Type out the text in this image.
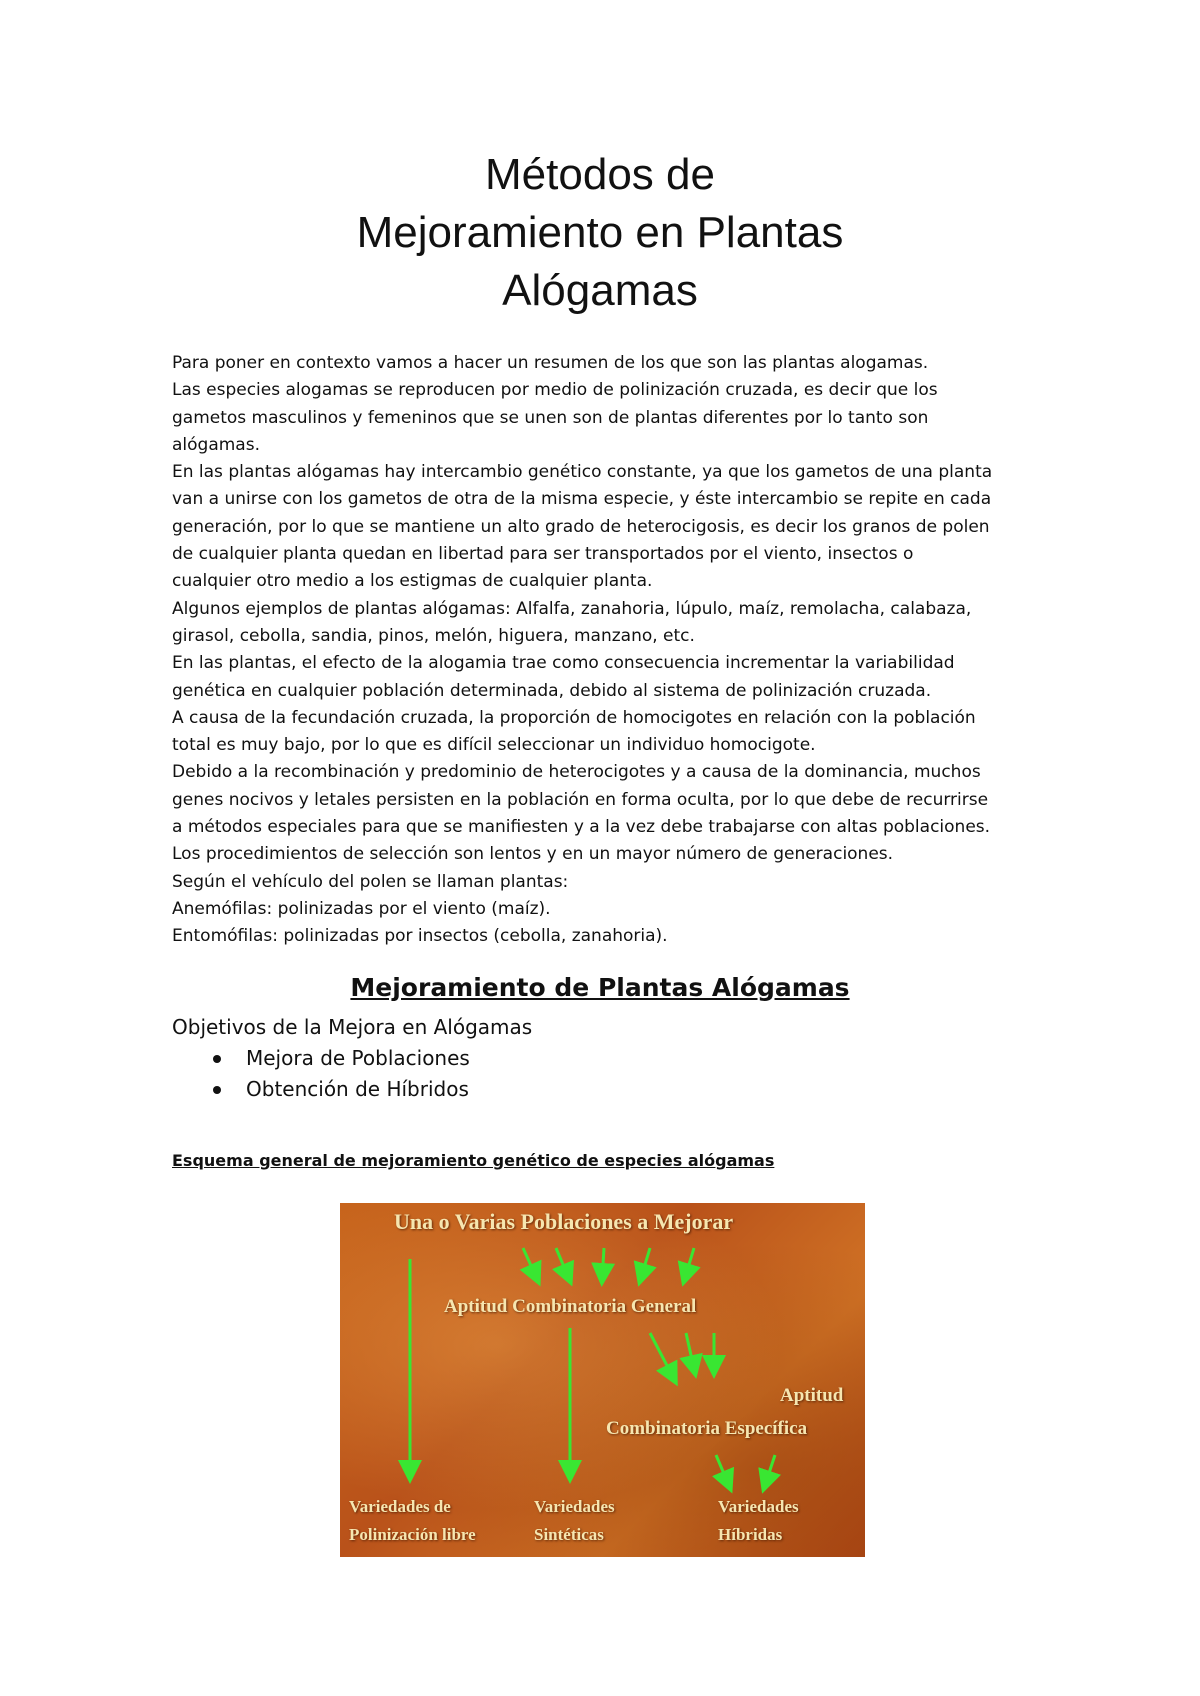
Métodos de
Mejoramiento en Plantas
Alógamas

Para poner en contexto vamos a hacer un resumen de los que son las plantas alogamas.

Las especies alogamas se reproducen por medio de polinización cruzada, es decir que los

gametos masculinos y femeninos que se unen son de plantas diferentes por lo tanto son

alógamas.

En las plantas alógamas hay intercambio genético constante, ya que los gametos de una planta

van a unirse con los gametos de otra de la misma especie, y éste intercambio se repite en cada

generación, por lo que se mantiene un alto grado de heterocigosis, es decir los granos de polen

de cualquier planta quedan en libertad para ser transportados por el viento, insectos o

cualquier otro medio a los estigmas de cualquier planta.

Algunos ejemplos de plantas alógamas: Alfalfa, zanahoria, lúpulo, maíz, remolacha, calabaza,

girasol, cebolla, sandia, pinos, melón, higuera, manzano, etc.

En las plantas, el efecto de la alogamia trae como consecuencia incrementar la variabilidad

genética en cualquier población determinada, debido al sistema de polinización cruzada.

A causa de la fecundación cruzada, la proporción de homocigotes en relación con la población

total es muy bajo, por lo que es difícil seleccionar un individuo homocigote.

Debido a la recombinación y predominio de heterocigotes y a causa de la dominancia, muchos

genes nocivos y letales persisten en la población en forma oculta, por lo que debe de recurrirse

a métodos especiales para que se manifiesten y a la vez debe trabajarse con altas poblaciones.

Los procedimientos de selección son lentos y en un mayor número de generaciones.

Según el vehículo del polen se llaman plantas:

Anemófilas: polinizadas por el viento (maíz).

Entomófilas: polinizadas por insectos (cebolla, zanahoria).

Mejoramiento de Plantas Alógamas
Objetivos de la Mejora en Alógamas
Mejora de Poblaciones
Obtención de Híbridos
Esquema general de mejoramiento genético de especies alógamas
Una o Varias Poblaciones a Mejorar
Aptitud Combinatoria General
Aptitud
Combinatoria Específica
Variedades de
Polinización libre
Variedades
Sintéticas
Variedades
Híbridas
